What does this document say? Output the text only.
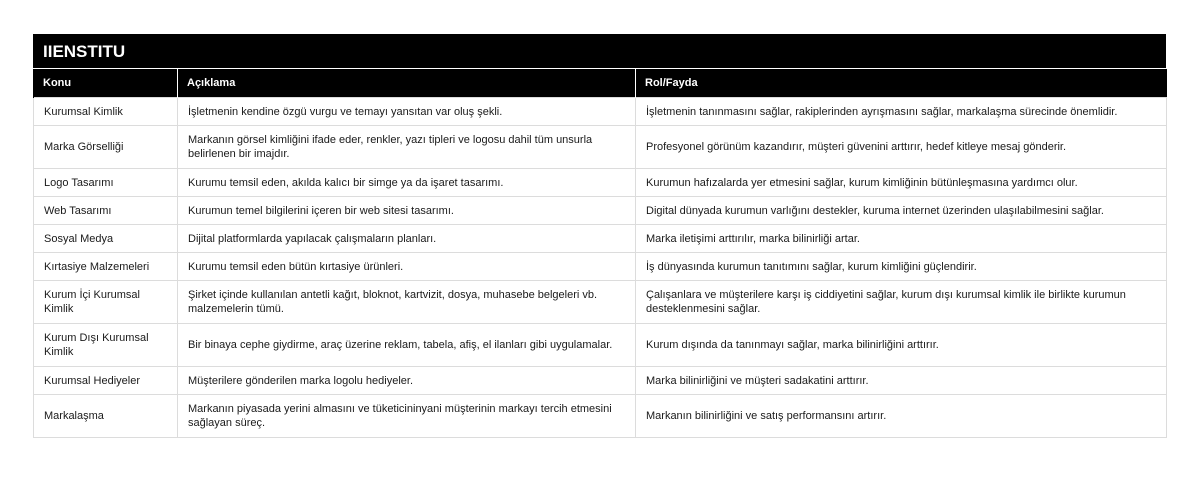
IIENSTITU
Konu	Açıklama	Rol/Fayda
Kurumsal Kimlik	İşletmenin kendine özgü vurgu ve temayı yansıtan var oluş şekli.	İşletmenin tanınmasını sağlar, rakiplerinden ayrışmasını sağlar, markalaşma sürecinde önemlidir.
Marka Görselliği	Markanın görsel kimliğini ifade eder, renkler, yazı tipleri ve logosu dahil tüm unsurla belirlenen bir imajdır.	Profesyonel görünüm kazandırır, müşteri güvenini arttırır, hedef kitleye mesaj gönderir.
Logo Tasarımı	Kurumu temsil eden, akılda kalıcı bir simge ya da işaret tasarımı.	Kurumun hafızalarda yer etmesini sağlar, kurum kimliğinin bütünleşmasına yardımcı olur.
Web Tasarımı	Kurumun temel bilgilerini içeren bir web sitesi tasarımı.	Digital dünyada kurumun varlığını destekler, kuruma internet üzerinden ulaşılabilmesini sağlar.
Sosyal Medya	Dijital platformlarda yapılacak çalışmaların planları.	Marka iletişimi arttırılır, marka bilinirliği artar.
Kırtasiye Malzemeleri	Kurumu temsil eden bütün kırtasiye ürünleri.	İş dünyasında kurumun tanıtımını sağlar, kurum kimliğini güçlendirir.
Kurum İçi Kurumsal Kimlik	Şirket içinde kullanılan antetli kağıt, bloknot, kartvizit, dosya, muhasebe belgeleri vb. malzemelerin tümü.	Çalışanlara ve müşterilere karşı iş ciddiyetini sağlar, kurum dışı kurumsal kimlik ile birlikte kurumun desteklenmesini sağlar.
Kurum Dışı Kurumsal Kimlik	Bir binaya cephe giydirme, araç üzerine reklam, tabela, afiş, el ilanları gibi uygulamalar.	Kurum dışında da tanınmayı sağlar, marka bilinirliğini arttırır.
Kurumsal Hediyeler	Müşterilere gönderilen marka logolu hediyeler.	Marka bilinirliğini ve müşteri sadakatini arttırır.
Markalaşma	Markanın piyasada yerini almasını ve tüketicininyani müşterinin markayı tercih etmesini sağlayan süreç.	Markanın bilinirliğini ve satış performansını artırır.
